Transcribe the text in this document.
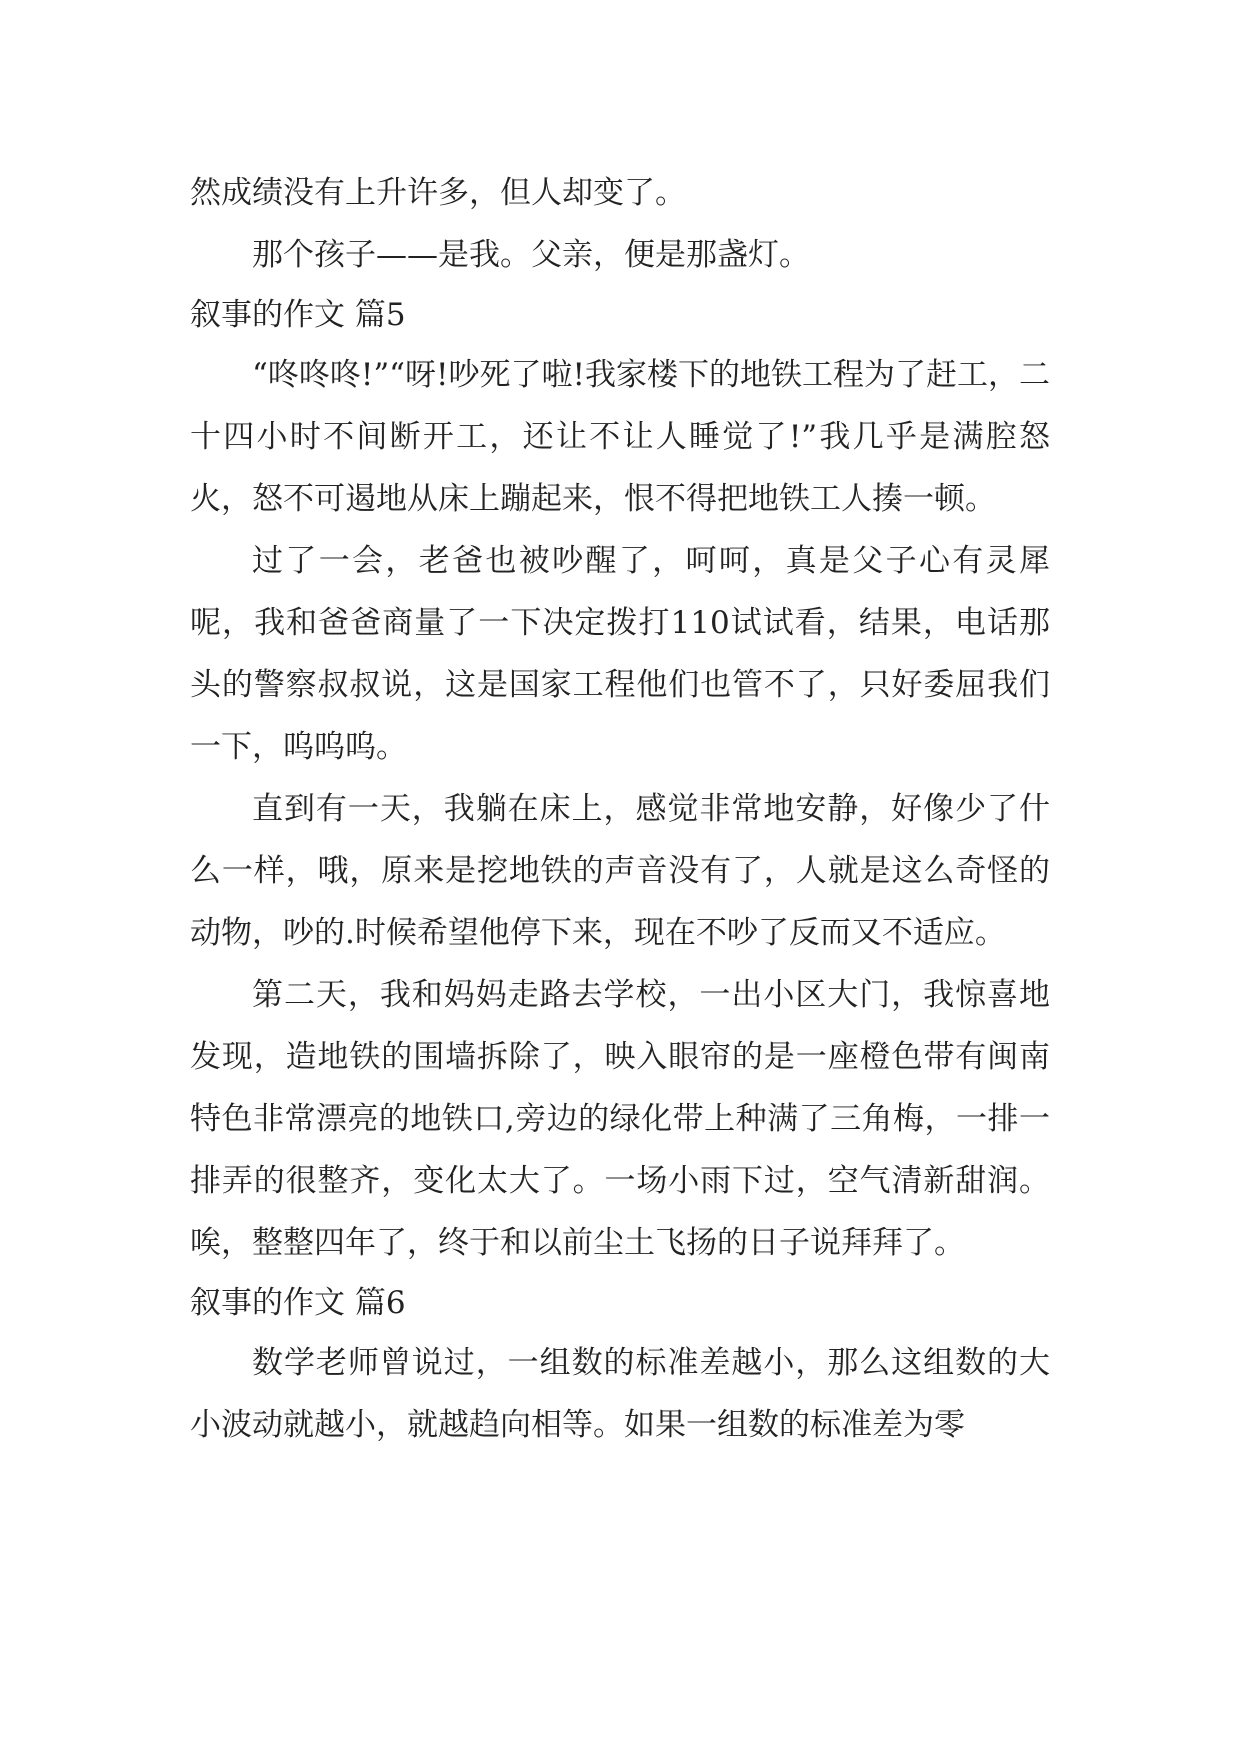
然成绩没有上升许多，但人却变了。

那个孩子——是我。父亲，便是那盏灯。

叙事的作文 篇5

“咚咚咚!”“呀!吵死了啦!我家楼下的地铁工程为了赶工，二十四小时不间断开工，还让不让人睡觉了!”我几乎是满腔怒火，怒不可遏地从床上蹦起来，恨不得把地铁工人揍一顿。

过了一会，老爸也被吵醒了，呵呵，真是父子心有灵犀呢，我和爸爸商量了一下决定拨打110试试看，结果，电话那头的警察叔叔说，这是国家工程他们也管不了，只好委屈我们一下，呜呜呜。

直到有一天，我躺在床上，感觉非常地安静，好像少了什么一样，哦，原来是挖地铁的声音没有了，人就是这么奇怪的动物，吵的.时候希望他停下来，现在不吵了反而又不适应。

第二天，我和妈妈走路去学校，一出小区大门，我惊喜地发现，造地铁的围墙拆除了，映入眼帘的是一座橙色带有闽南特色非常漂亮的地铁口,旁边的绿化带上种满了三角梅，一排一排弄的很整齐，变化太大了。一场小雨下过，空气清新甜润。唉，整整四年了，终于和以前尘土飞扬的日子说拜拜了。

叙事的作文 篇6

数学老师曾说过，一组数的标准差越小，那么这组数的大小波动就越小，就越趋向相等。如果一组数的标准差为零
